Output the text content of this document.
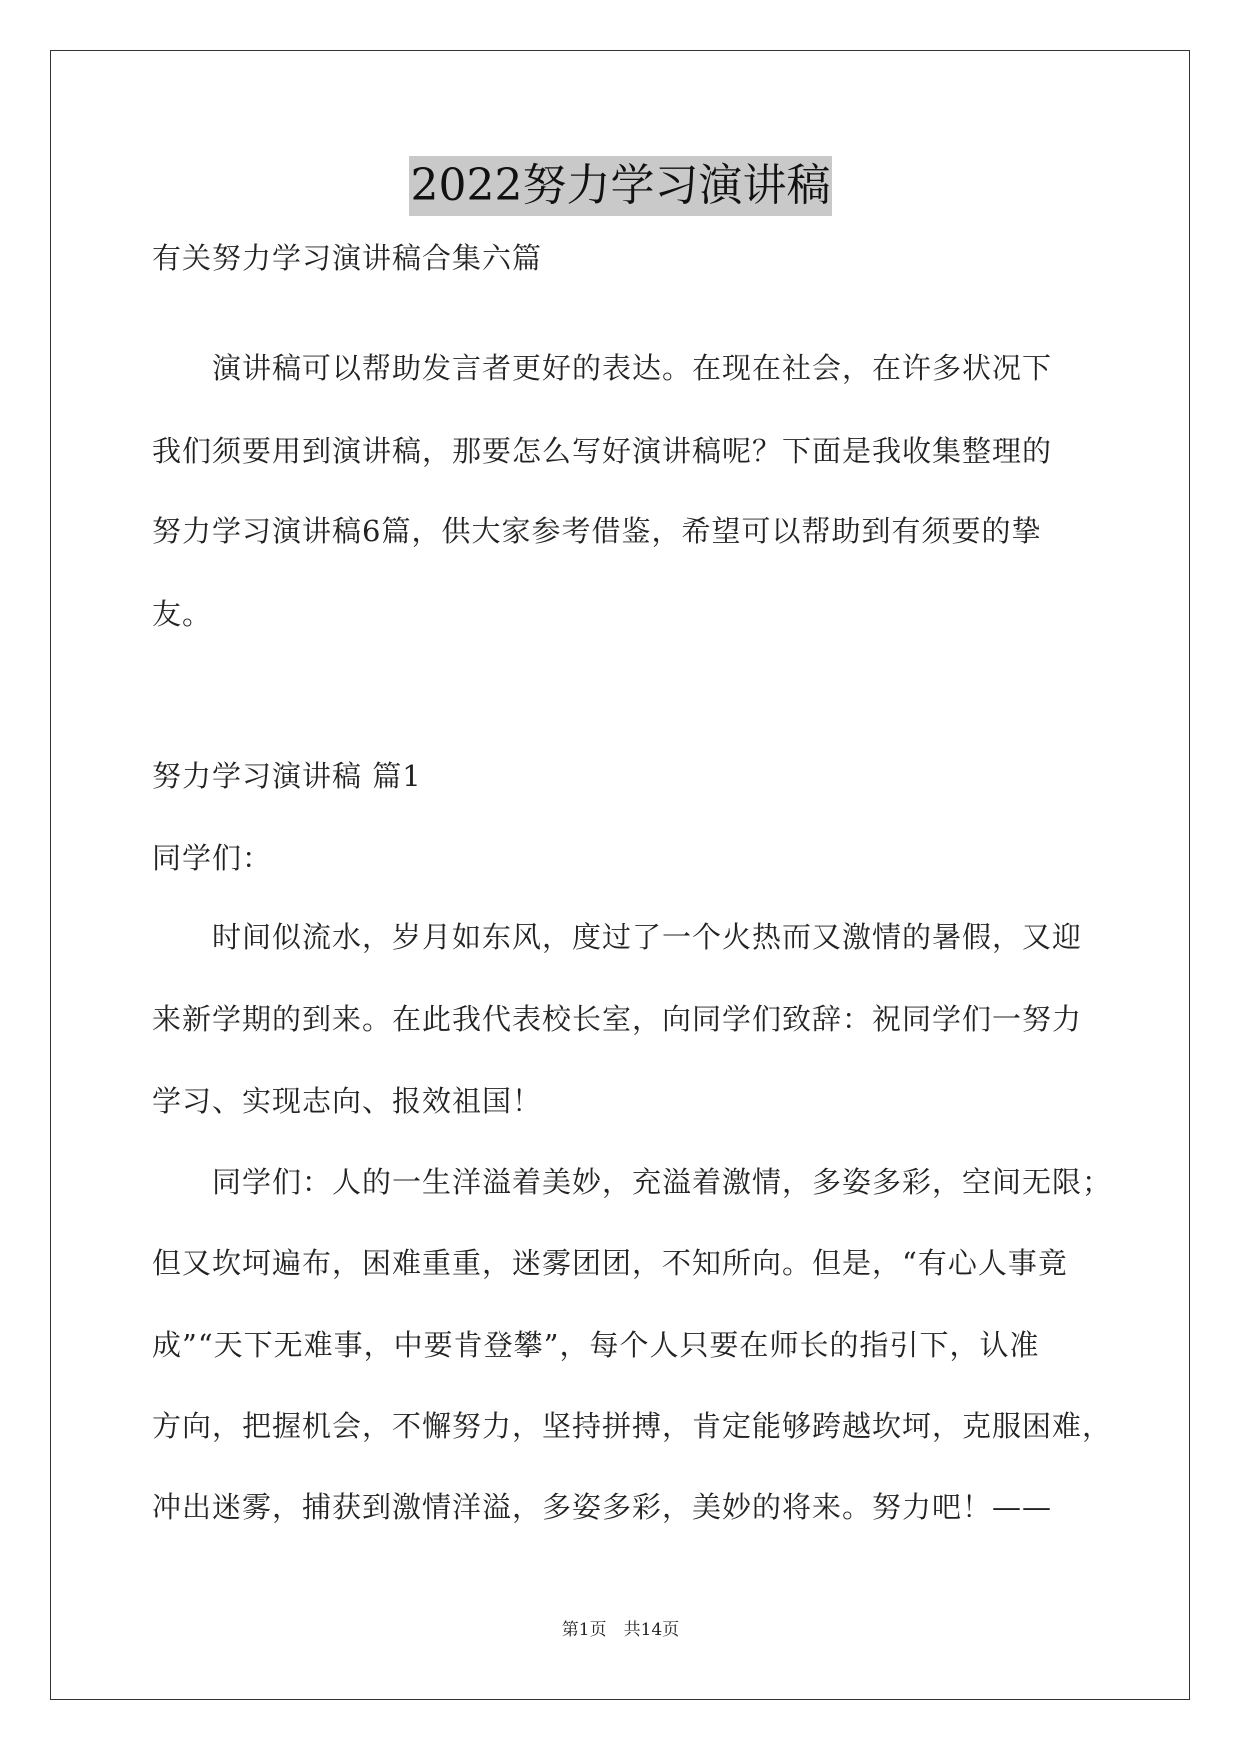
2022努力学习演讲稿
有关努力学习演讲稿合集六篇
　　演讲稿可以帮助发言者更好的表达。在现在社会，在许多状况下
我们须要用到演讲稿，那要怎么写好演讲稿呢？下面是我收集整理的
努力学习演讲稿6篇，供大家参考借鉴，希望可以帮助到有须要的挚
友。
努力学习演讲稿 篇1
同学们：
　　时间似流水，岁月如东风，度过了一个火热而又激情的暑假，又迎
来新学期的到来。在此我代表校长室，向同学们致辞：祝同学们一努力
学习、实现志向、报效祖国！
　　同学们：人的一生洋溢着美妙，充溢着激情，多姿多彩，空间无限；
但又坎坷遍布，困难重重，迷雾团团，不知所向。但是，“有心人事竟
成”“天下无难事，中要肯登攀”，每个人只要在师长的指引下，认准
方向，把握机会，不懈努力，坚持拼搏，肯定能够跨越坎坷，克服困难，
冲出迷雾，捕获到激情洋溢，多姿多彩，美妙的将来。努力吧！——
第1页　共14页
